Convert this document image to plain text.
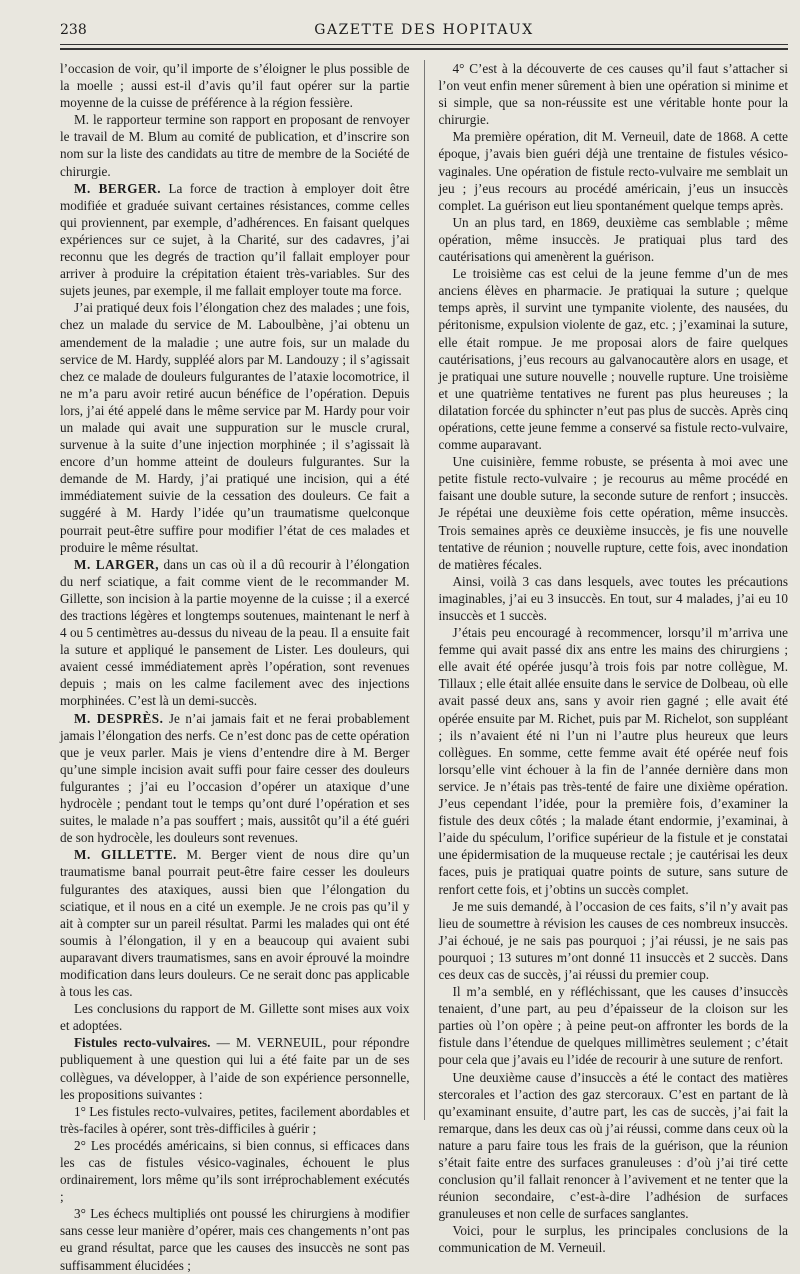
238	GAZETTE DES HOPITAUX

l’occasion de voir, qu’il importe de s’éloigner le plus possible de la moelle ; aussi est-il d’avis qu’il faut opérer sur la partie moyenne de la cuisse de préférence à la région fessière.

M. le rapporteur termine son rapport en proposant de renvoyer le travail de M. Blum au comité de publication, et d’inscrire son nom sur la liste des candidats au titre de membre de la Société de chirurgie.

M. BERGER. La force de traction à employer doit être modifiée et graduée suivant certaines résistances, comme celles qui proviennent, par exemple, d’adhérences. En faisant quelques expériences sur ce sujet, à la Charité, sur des cadavres, j’ai reconnu que les degrés de traction qu’il fallait employer pour arriver à produire la crépitation étaient très-variables. Sur des sujets jeunes, par exemple, il me fallait employer toute ma force.

J’ai pratiqué deux fois l’élongation chez des malades ; une fois, chez un malade du service de M. Laboulbène, j’ai obtenu un amendement de la maladie ; une autre fois, sur un malade du service de M. Hardy, suppléé alors par M. Landouzy ; il s’agissait chez ce malade de douleurs fulgurantes de l’ataxie locomotrice, il ne m’a paru avoir retiré aucun bénéfice de l’opération. Depuis lors, j’ai été appelé dans le même service par M. Hardy pour voir un malade qui avait une suppuration sur le muscle crural, survenue à la suite d’une injection morphinée ; il s’agissait là encore d’un homme atteint de douleurs fulgurantes. Sur la demande de M. Hardy, j’ai pratiqué une incision, qui a été immédiatement suivie de la cessation des douleurs. Ce fait a suggéré à M. Hardy l’idée qu’un traumatisme quelconque pourrait peut-être suffire pour modifier l’état de ces malades et produire le même résultat.

M. LARGER, dans un cas où il a dû recourir à l’élongation du nerf sciatique, a fait comme vient de le recommander M. Gillette, son incision à la partie moyenne de la cuisse ; il a exercé des tractions légères et longtemps soutenues, maintenant le nerf à 4 ou 5 centimètres au-dessus du niveau de la peau. Il a ensuite fait la suture et appliqué le pansement de Lister. Les douleurs, qui avaient cessé immédiatement après l’opération, sont revenues depuis ; mais on les calme facilement avec des injections morphinées. C’est là un demi-succès.

M. DESPRÈS. Je n’ai jamais fait et ne ferai probablement jamais l’élongation des nerfs. Ce n’est donc pas de cette opération que je veux parler. Mais je viens d’entendre dire à M. Berger qu’une simple incision avait suffi pour faire cesser des douleurs fulgurantes ; j’ai eu l’occasion d’opérer un ataxique d’une hydrocèle ; pendant tout le temps qu’ont duré l’opération et ses suites, le malade n’a pas souffert ; mais, aussitôt qu’il a été guéri de son hydrocèle, les douleurs sont revenues.

M. GILLETTE. M. Berger vient de nous dire qu’un traumatisme banal pourrait peut-être faire cesser les douleurs fulgurantes des ataxiques, aussi bien que l’élongation du sciatique, et il nous en a cité un exemple. Je ne crois pas qu’il y ait à compter sur un pareil résultat. Parmi les malades qui ont été soumis à l’élongation, il y en a beaucoup qui avaient subi auparavant divers traumatismes, sans en avoir éprouvé la moindre modification dans leurs douleurs. Ce ne serait donc pas applicable à tous les cas.

Les conclusions du rapport de M. Gillette sont mises aux voix et adoptées.

Fistules recto-vulvaires. — M. VERNEUIL, pour répondre publiquement à une question qui lui a été faite par un de ses collègues, va développer, à l’aide de son expérience personnelle, les propositions suivantes :

1° Les fistules recto-vulvaires, petites, facilement abordables et très-faciles à opérer, sont très-difficiles à guérir ;

2° Les procédés américains, si bien connus, si efficaces dans les cas de fistules vésico-vaginales, échouent le plus ordinairement, lors même qu’ils sont irréprochablement exécutés ;

3° Les échecs multipliés ont poussé les chirurgiens à modifier sans cesse leur manière d’opérer, mais ces changements n’ont pas eu grand résultat, parce que les causes des insuccès ne sont pas suffisamment élucidées ;

4° C’est à la découverte de ces causes qu’il faut s’attacher si l’on veut enfin mener sûrement à bien une opération si minime et si simple, que sa non-réussite est une véritable honte pour la chirurgie.

Ma première opération, dit M. Verneuil, date de 1868. A cette époque, j’avais bien guéri déjà une trentaine de fistules vésico-vaginales. Une opération de fistule recto-vulvaire me semblait un jeu ; j’eus recours au procédé américain, j’eus un insuccès complet. La guérison eut lieu spontanément quelque temps après.

Un an plus tard, en 1869, deuxième cas semblable ; même opération, même insuccès. Je pratiquai plus tard des cautérisations qui amenèrent la guérison.

Le troisième cas est celui de la jeune femme d’un de mes anciens élèves en pharmacie. Je pratiquai la suture ; quelque temps après, il survint une tympanite violente, des nausées, du péritonisme, expulsion violente de gaz, etc. ; j’examinai la suture, elle était rompue. Je me proposai alors de faire quelques cautérisations, j’eus recours au galvanocautère alors en usage, et je pratiquai une suture nouvelle ; nouvelle rupture. Une troisième et une quatrième tentatives ne furent pas plus heureuses ; la dilatation forcée du sphincter n’eut pas plus de succès. Après cinq opérations, cette jeune femme a conservé sa fistule recto-vulvaire, comme auparavant.

Une cuisinière, femme robuste, se présenta à moi avec une petite fistule recto-vulvaire ; je recourus au même procédé en faisant une double suture, la seconde suture de renfort ; insuccès. Je répétai une deuxième fois cette opération, même insuccès. Trois semaines après ce deuxième insuccès, je fis une nouvelle tentative de réunion ; nouvelle rupture, cette fois, avec inondation de matières fécales.

Ainsi, voilà 3 cas dans lesquels, avec toutes les précautions imaginables, j’ai eu 3 insuccès. En tout, sur 4 malades, j’ai eu 10 insuccès et 1 succès.

J’étais peu encouragé à recommencer, lorsqu’il m’arriva une femme qui avait passé dix ans entre les mains des chirurgiens ; elle avait été opérée jusqu’à trois fois par notre collègue, M. Tillaux ; elle était allée ensuite dans le service de Dolbeau, où elle avait passé deux ans, sans y avoir rien gagné ; elle avait été opérée ensuite par M. Richet, puis par M. Richelot, son suppléant ; ils n’avaient été ni l’un ni l’autre plus heureux que leurs collègues. En somme, cette femme avait été opérée neuf fois lorsqu’elle vint échouer à la fin de l’année dernière dans mon service. Je n’étais pas très-tenté de faire une dixième opération. J’eus cependant l’idée, pour la première fois, d’examiner la fistule des deux côtés ; la malade étant endormie, j’examinai, à l’aide du spéculum, l’orifice supérieur de la fistule et je constatai une épidermisation de la muqueuse rectale ; je cautérisai les deux faces, puis je pratiquai quatre points de suture, sans suture de renfort cette fois, et j’obtins un succès complet.

Je me suis demandé, à l’occasion de ces faits, s’il n’y avait pas lieu de soumettre à révision les causes de ces nombreux insuccès. J’ai échoué, je ne sais pas pourquoi ; j’ai réussi, je ne sais pas pourquoi ; 13 sutures m’ont donné 11 insuccès et 2 succès. Dans ces deux cas de succès, j’ai réussi du premier coup.

Il m’a semblé, en y réfléchissant, que les causes d’insuccès tenaient, d’une part, au peu d’épaisseur de la cloison sur les parties où l’on opère ; à peine peut-on affronter les bords de la fistule dans l’étendue de quelques millimètres seulement ; c’était pour cela que j’avais eu l’idée de recourir à une suture de renfort.

Une deuxième cause d’insuccès a été le contact des matières stercorales et l’action des gaz stercoraux. C’est en partant de là qu’examinant ensuite, d’autre part, les cas de succès, j’ai fait la remarque, dans les deux cas où j’ai réussi, comme dans ceux où la nature a paru faire tous les frais de la guérison, que la réunion s’était faite entre des surfaces granuleuses : d’où j’ai tiré cette conclusion qu’il fallait renoncer à l’avivement et ne tenter que la réunion secondaire, c’est-à-dire l’adhésion de surfaces granuleuses et non celle de surfaces sanglantes.

Voici, pour le surplus, les principales conclusions de la communication de M. Verneuil.
